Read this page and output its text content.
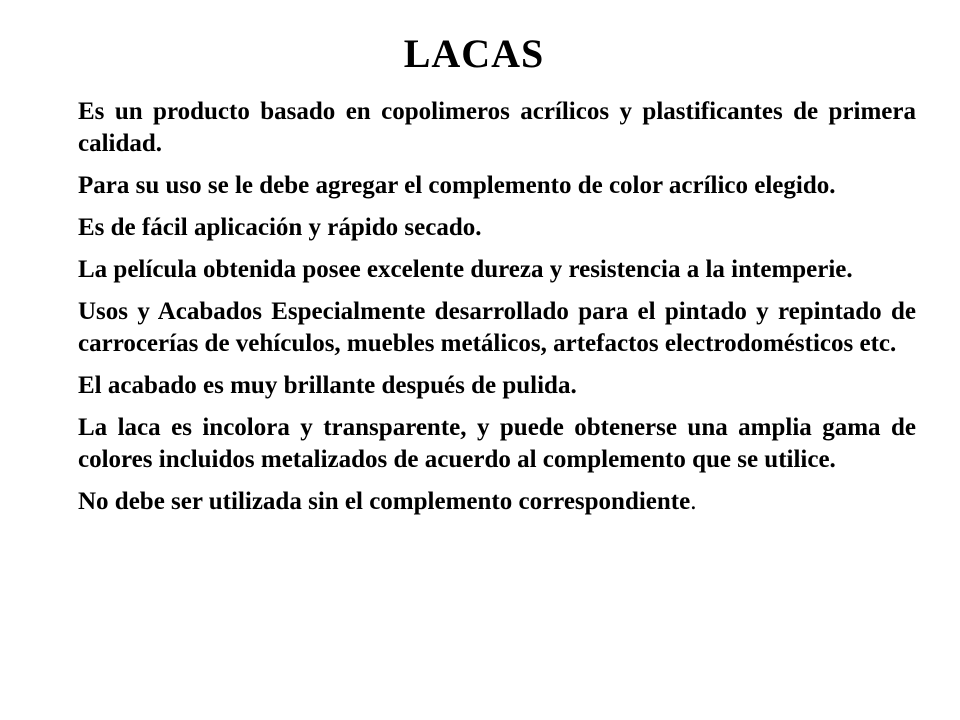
LACAS

Es un producto basado en copolimeros acrílicos y plastificantes de primera calidad.

Para su uso se le debe agregar el complemento de color acrílico elegido.

Es de fácil aplicación y rápido secado.

La película obtenida posee excelente dureza y resistencia a la intemperie.

Usos y Acabados Especialmente desarrollado para el pintado y repintado de carrocerías de vehículos, muebles metálicos, artefactos electrodomésticos etc.

El acabado es muy brillante después de pulida.

La laca es incolora y transparente, y puede obtenerse una amplia gama de colores incluidos metalizados de acuerdo al complemento que se utilice.

No debe ser utilizada sin el complemento correspondiente.
